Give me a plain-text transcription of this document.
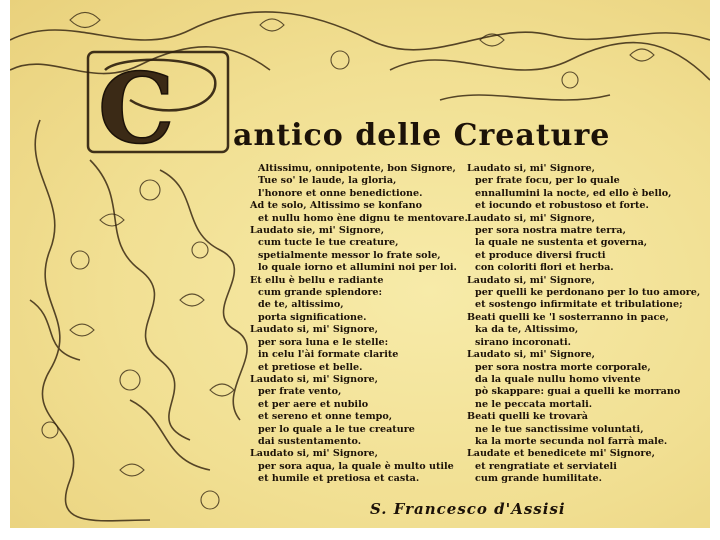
C antico delle Creature
Altissimu, onnipotente, bon Signore,
Tue so' le laude, la gloria,
l'honore et onne benedictione.
Ad te solo, Altissimo se konfano
et nullu homo ène dignu te mentovare.
Laudato sie, mi' Signore,
cum tucte le tue creature,
spetialmente messor lo frate sole,
lo quale iorno et allumini noi per loi.
Et ellu è bellu e radiante
cum grande splendore:
de te, altissimo,
porta significatione.
Laudato si, mi' Signore,
per sora luna e le stelle:
in celu l'ài formate clarite
et pretiose et belle.
Laudato si, mi' Signore,
per frate vento,
et per aere et nubilo
et sereno et onne tempo,
per lo quale a le tue creature
dai sustentamento.
Laudato si, mi' Signore,
per sora aqua, la quale è multo utile
et humile et pretiosa et casta.
Laudato si, mi' Signore,
per frate focu, per lo quale
ennallumini la nocte, ed ello è bello,
et iocundo et robustoso et forte.
Laudato si, mi' Signore,
per sora nostra matre terra,
la quale ne sustenta et governa,
et produce diversi fructi
con coloriti flori et herba.
Laudato si, mi' Signore,
per quelli ke perdonano per lo tuo amore,
et sostengo infirmitate et tribulatione;
Beati quelli ke 'l sosterranno in pace,
ka da te, Altissimo,
sirano incoronati.
Laudato si, mi' Signore,
per sora nostra morte corporale,
da la quale nullu homo vivente
pò skappare: guai a quelli ke morrano
ne le peccata mortali.
Beati quelli ke trovarà
ne le tue sanctissime voluntati,
ka la morte secunda nol farrà male.
Laudate et benedicete mi' Signore,
et rengratiate et serviateli
cum grande humilitate.
S. Francesco d'Assisi
